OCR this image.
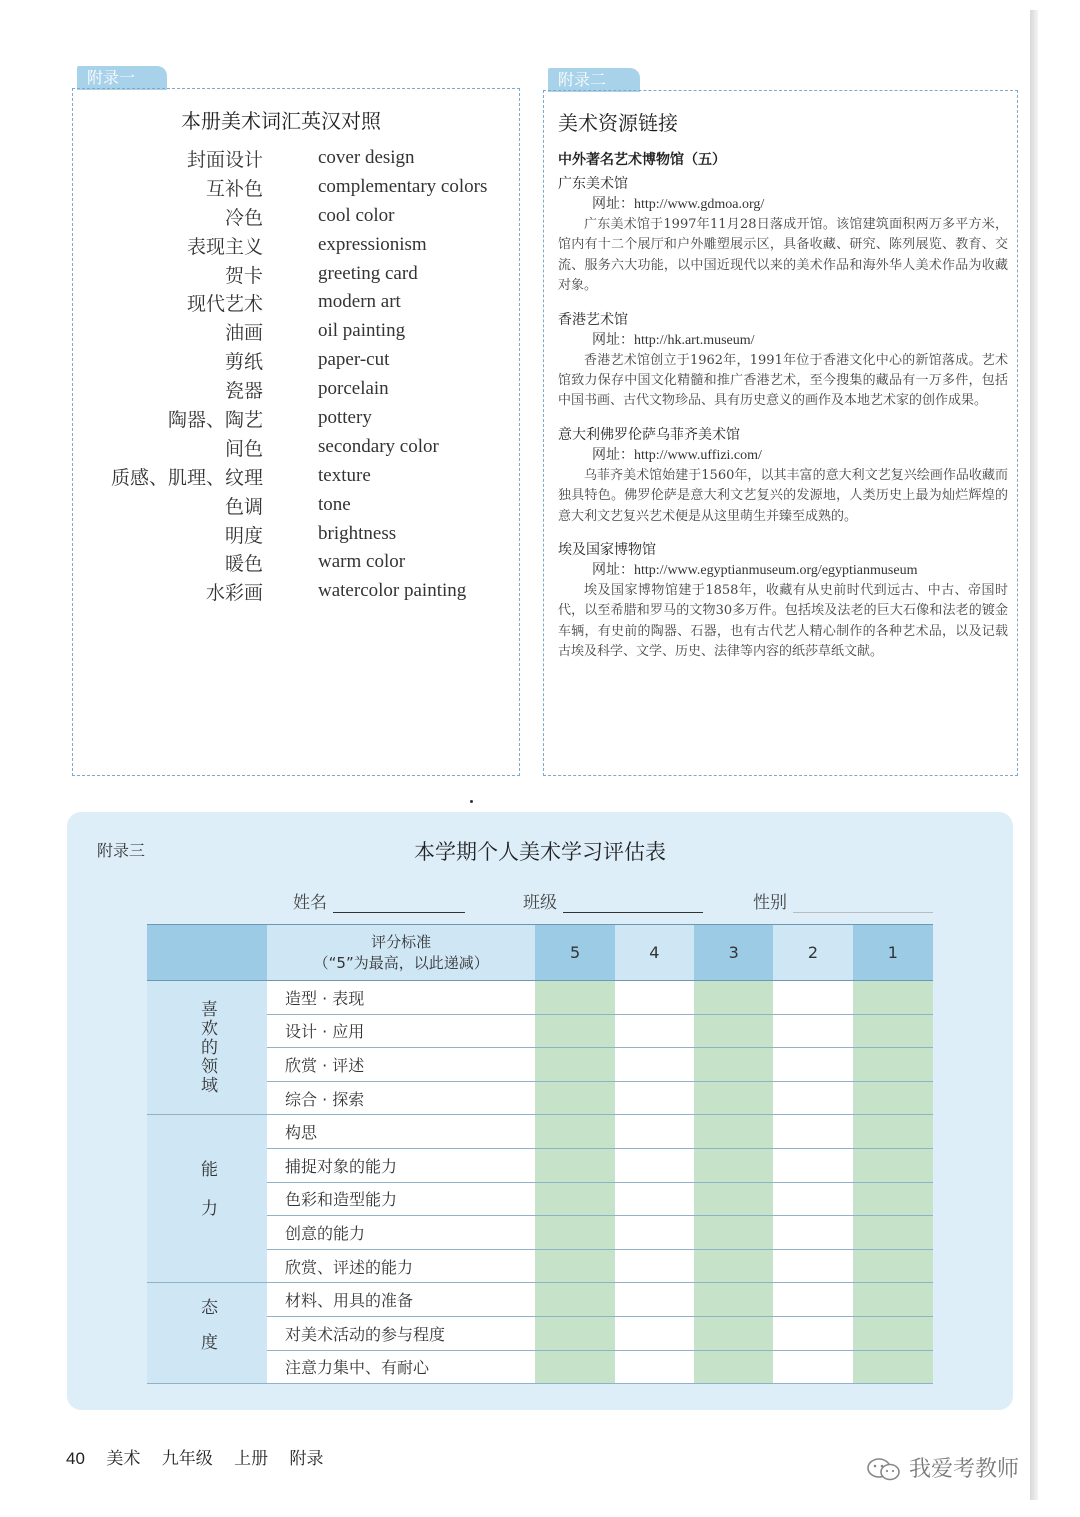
附录一
本册美术词汇英汉对照
封面设计	cover design
互补色	complementary colors
冷色	cool color
表现主义	expressionism
贺卡	greeting card
现代艺术	modern art
油画	oil painting
剪纸	paper-cut
瓷器	porcelain
陶器、陶艺	pottery
间色	secondary color
质感、肌理、纹理	texture
色调	tone
明度	brightness
暖色	warm color
水彩画	watercolor painting
附录二
美术资源链接
中外著名艺术博物馆（五）
广东美术馆
网址：http://www.gdmoa.org/
广东美术馆于1997年11月28日落成开馆。该馆建筑面积两万多平方米，馆内有十二个展厅和户外雕塑展示区，具备收藏、研究、陈列展览、教育、交流、服务六大功能，以中国近现代以来的美术作品和海外华人美术作品为收藏对象。
香港艺术馆
网址：http://hk.art.museum/
香港艺术馆创立于1962年，1991年位于香港文化中心的新馆落成。艺术馆致力保存中国文化精髓和推广香港艺术，至今搜集的藏品有一万多件，包括中国书画、古代文物珍品、具有历史意义的画作及本地艺术家的创作成果。
意大利佛罗伦萨乌菲齐美术馆
网址：http://www.uffizi.com/
乌菲齐美术馆始建于1560年，以其丰富的意大利文艺复兴绘画作品收藏而独具特色。佛罗伦萨是意大利文艺复兴的发源地，人类历史上最为灿烂辉煌的意大利文艺复兴艺术便是从这里萌生并臻至成熟的。
埃及国家博物馆
网址：http://www.egyptianmuseum.org/egyptianmuseum
埃及国家博物馆建于1858年，收藏有从史前时代到远古、中古、帝国时代，以至希腊和罗马的文物30多万件。包括埃及法老的巨大石像和法老的镀金车辆，有史前的陶器、石器，也有古代艺人精心制作的各种艺术品，以及记载古埃及科学、文学、历史、法律等内容的纸莎草纸文献。
附录三	本学期个人美术学习评估表
姓名	班级	性别

	评分标准
（“5”为最高，以此递减）	5	4	3	2	1

喜欢的领域	造型 · 表现					
	设计 · 应用					
	欣赏 · 评述					
	综合 · 探索					

能力	构思					
	捕捉对象的能力					
	色彩和造型能力					
	创意的能力					
	欣赏、评述的能力					

态度	材料、用具的准备					
	对美术活动的参与程度					
	注意力集中、有耐心					
40 美术 九年级 上册 附录	我爱考教师
